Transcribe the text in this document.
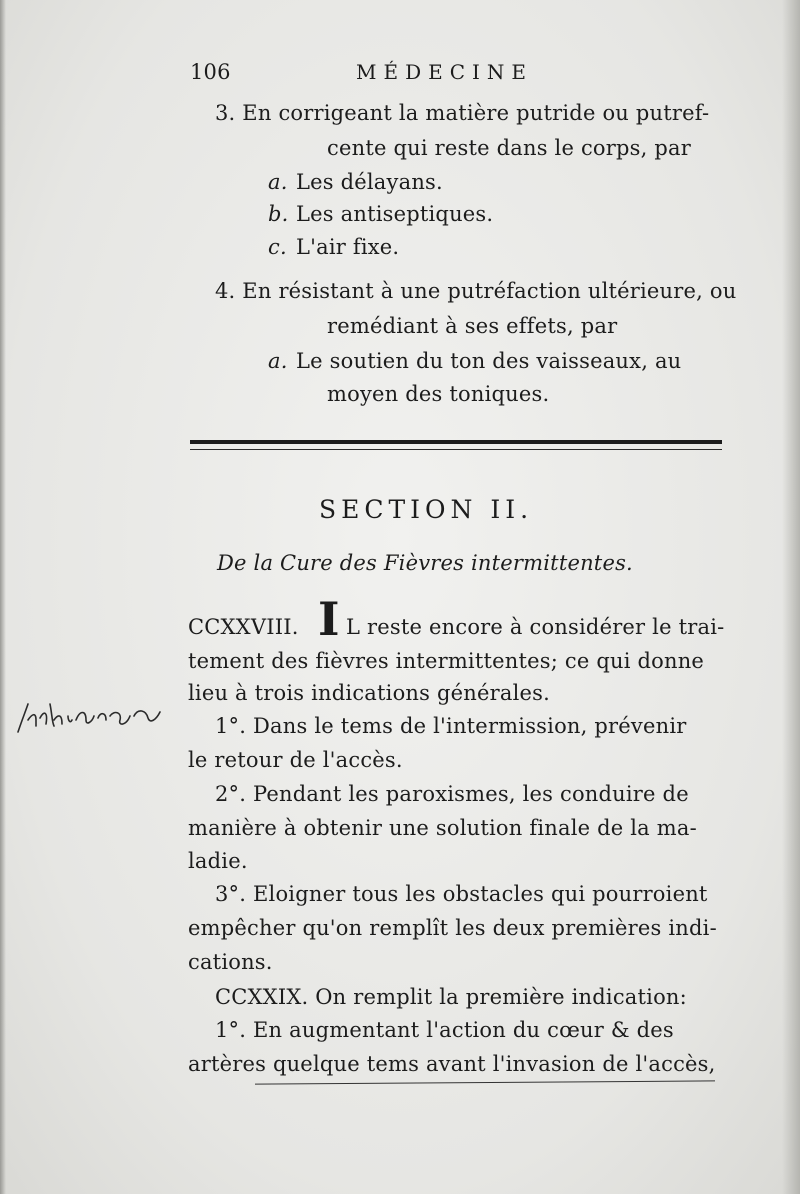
106	MÉDECINE
3. En corrigeant la matière putride ou putref-
cente qui reste dans le corps, par
a. Les délayans.
b. Les antiseptiques.
c. L'air fixe.
4. En résistant à une putréfaction ultérieure, ou
remédiant à ses effets, par
a. Le soutien du ton des vaisseaux, au
moyen des toniques.
SECTION II.
De la Cure des Fièvres intermittentes.
CCXXVIII. I L reste encore à considérer le trai-
tement des fièvres intermittentes; ce qui donne
lieu à trois indications générales.
1°. Dans le tems de l'intermission, prévenir
le retour de l'accès.
2°. Pendant les paroxismes, les conduire de
manière à obtenir une solution finale de la ma-
ladie.
3°. Eloigner tous les obstacles qui pourroient
empêcher qu'on remplît les deux premières indi-
cations.
CCXXIX. On remplit la première indication:
1°. En augmentant l'action du cœur & des
artères quelque tems avant l'invasion de l'accès,
